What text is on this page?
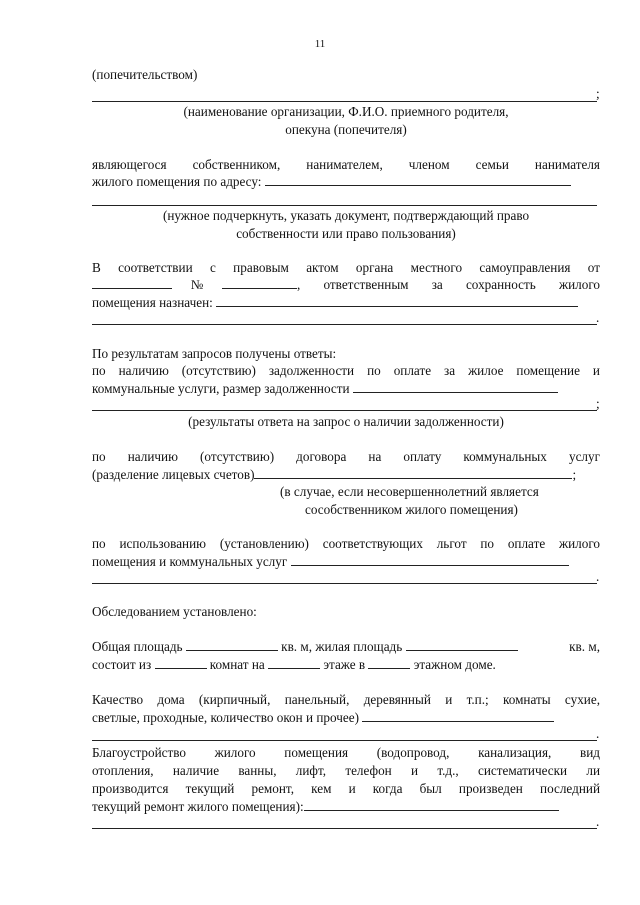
11
(попечительством)
;
(наименование организации, Ф.И.О. приемного родителя,
опекуна (попечителя)
являющегося собственником, нанимателем, членом семьи нанимателя
жилого помещения по адресу:
(нужное подчеркнуть, указать документ, подтверждающий право
собственности или право пользования)
В соответствии с правовым актом органа местного самоуправления от
№	, ответственным за сохранность жилого
помещения назначен:
.
По результатам запросов получены ответы:
по наличию (отсутствию) задолженности по оплате за жилое помещение и
коммунальные услуги, размер задолженности
;
(результаты ответа на запрос о наличии задолженности)
по наличию (отсутствию) договора на оплату коммунальных услуг
(разделение лицевых счетов)	;
(в случае, если несовершеннолетний является
сособственником жилого помещения)
по использованию (установлению) соответствующих льгот по оплате жилого
помещения и коммунальных услуг
.
Обследованием установлено:
Общая площадь	кв. м, жилая площадь	кв. м,
состоит из	комнат на	этаже в	этажном доме.
Качество дома (кирпичный, панельный, деревянный и т.п.; комнаты сухие,
светлые, проходные, количество окон и прочее)
.
Благоустройство жилого помещения (водопровод, канализация, вид
отопления, наличие ванны, лифт, телефон и т.д., систематически ли
производится текущий ремонт, кем и когда был произведен последний
текущий ремонт жилого помещения):
.
